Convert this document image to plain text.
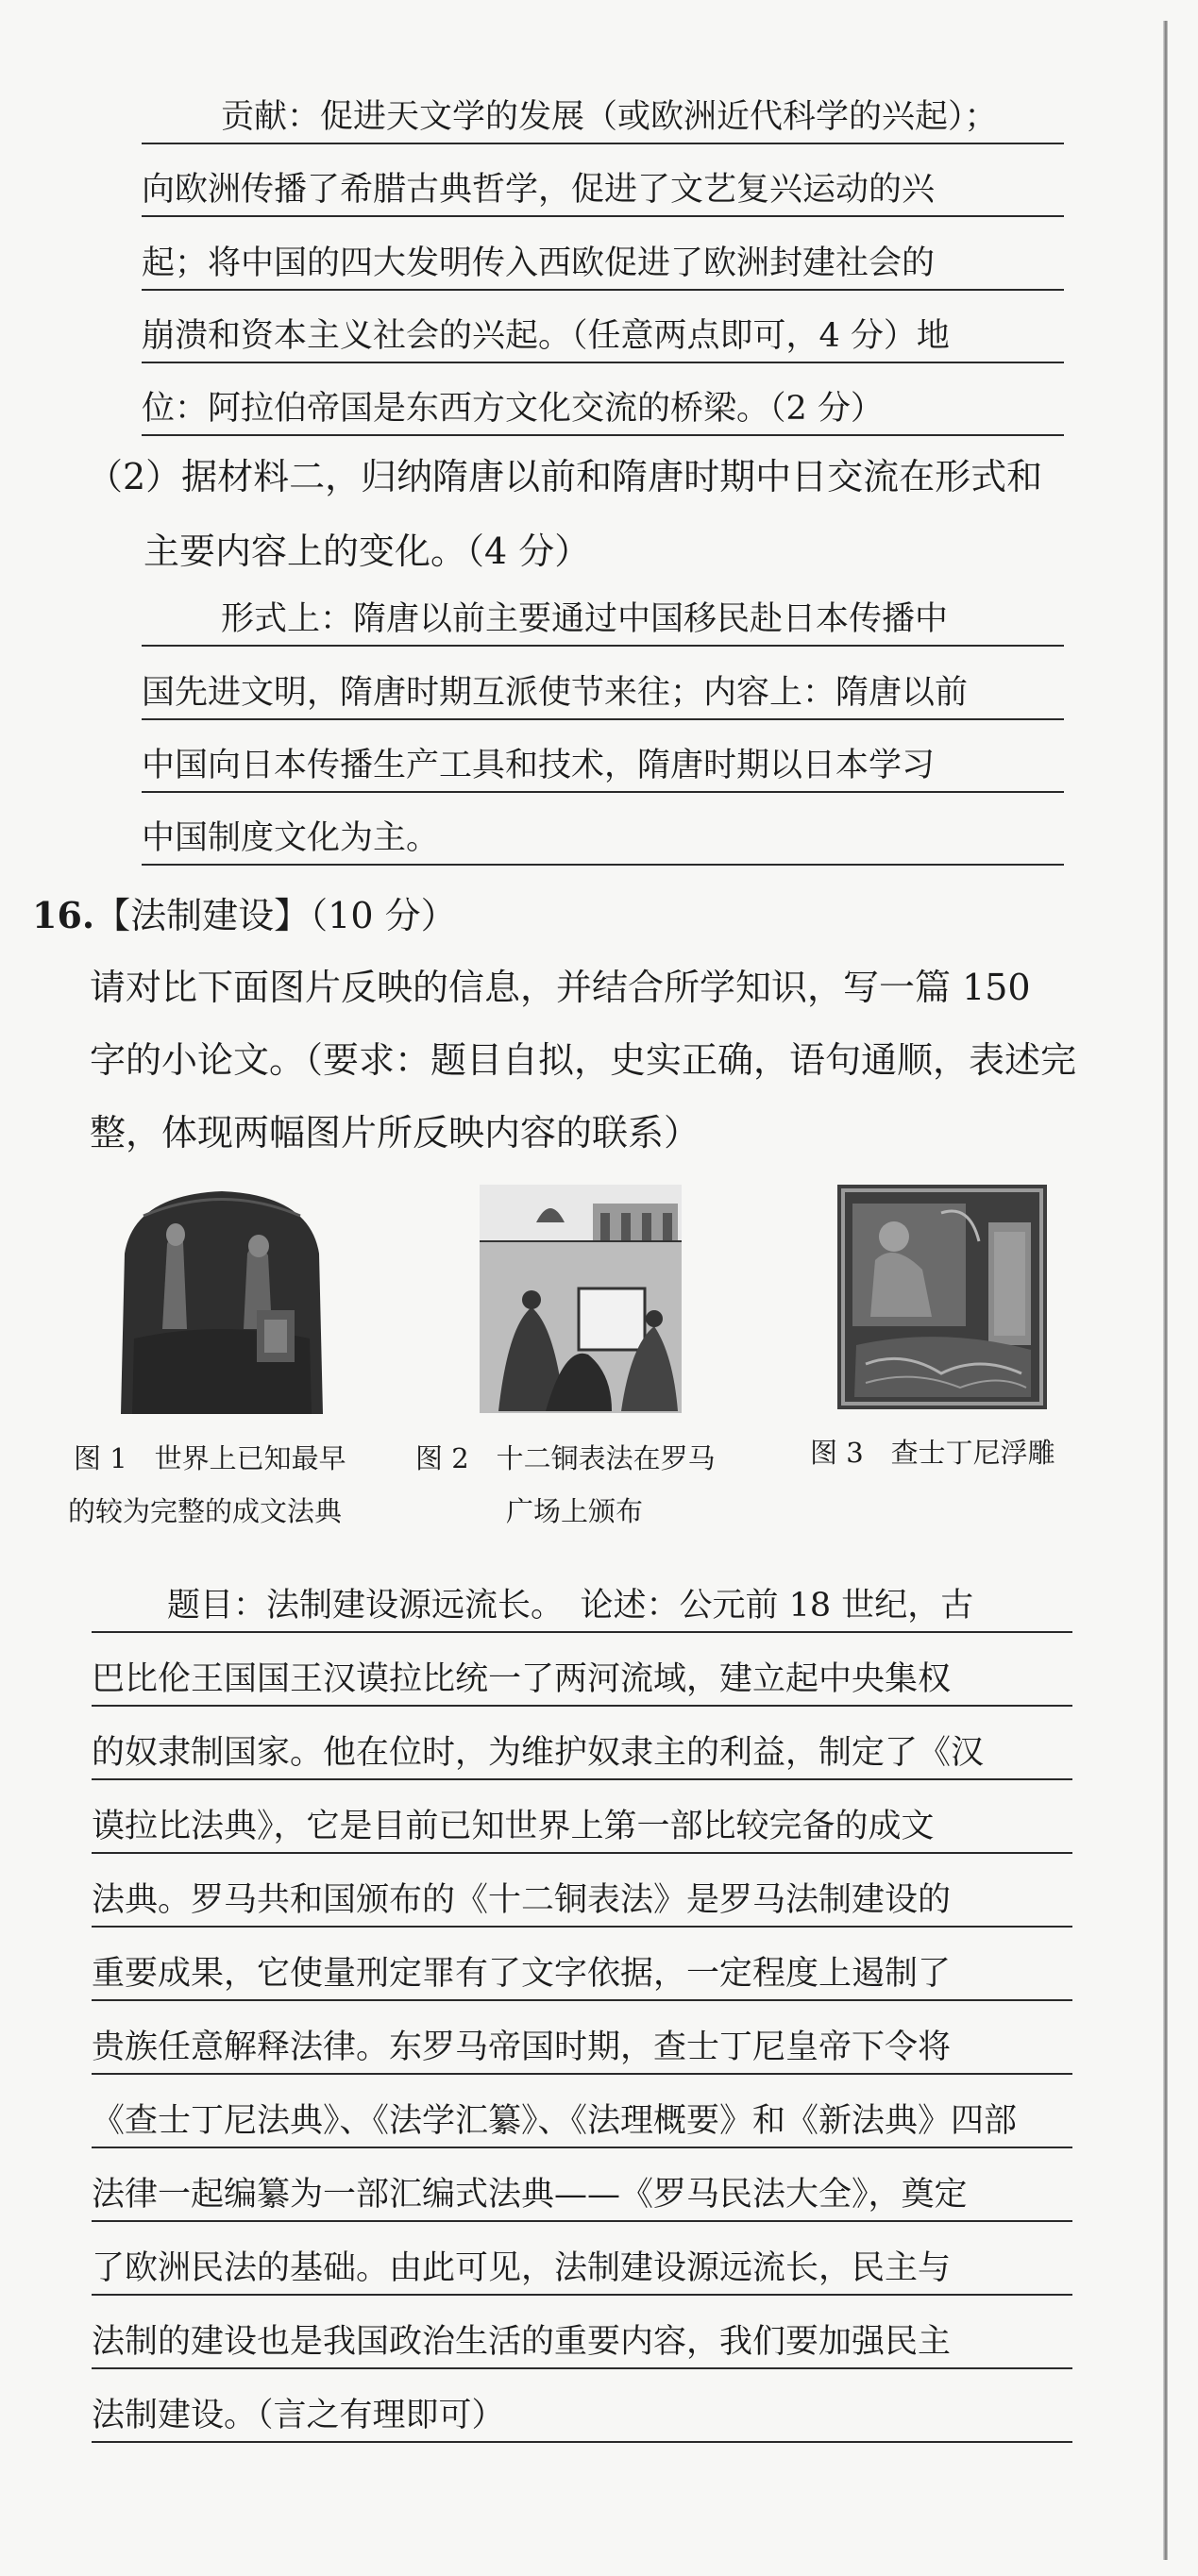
贡献：促进天文学的发展（或欧洲近代科学的兴起）；
向欧洲传播了希腊古典哲学，促进了文艺复兴运动的兴
起；将中国的四大发明传入西欧促进了欧洲封建社会的
崩溃和资本主义社会的兴起。（任意两点即可，4 分）地
位：阿拉伯帝国是东西方文化交流的桥梁。（2 分）
（2）据材料二，归纳隋唐以前和隋唐时期中日交流在形式和
主要内容上的变化。（4 分）
形式上：隋唐以前主要通过中国移民赴日本传播中
国先进文明，隋唐时期互派使节来往；内容上：隋唐以前
中国向日本传播生产工具和技术，隋唐时期以日本学习
中国制度文化为主。
16.【法制建设】（10 分）
请对比下面图片反映的信息，并结合所学知识，写一篇 150
字的小论文。（要求：题目自拟，史实正确，语句通顺，表述完
整，体现两幅图片所反映内容的联系）
图 1　世界上已知最早
的较为完整的成文法典
图 2　十二铜表法在罗马
广场上颁布
图 3　查士丁尼浮雕
题目：法制建设源远流长。　论述：公元前 18 世纪，古
巴比伦王国国王汉谟拉比统一了两河流域，建立起中央集权
的奴隶制国家。他在位时，为维护奴隶主的利益，制定了《汉
谟拉比法典》，它是目前已知世界上第一部比较完备的成文
法典。罗马共和国颁布的《十二铜表法》是罗马法制建设的
重要成果，它使量刑定罪有了文字依据，一定程度上遏制了
贵族任意解释法律。东罗马帝国时期，查士丁尼皇帝下令将
《查士丁尼法典》、《法学汇纂》、《法理概要》和《新法典》四部
法律一起编纂为一部汇编式法典——《罗马民法大全》，奠定
了欧洲民法的基础。由此可见，法制建设源远流长，民主与
法制的建设也是我国政治生活的重要内容，我们要加强民主
法制建设。（言之有理即可）
